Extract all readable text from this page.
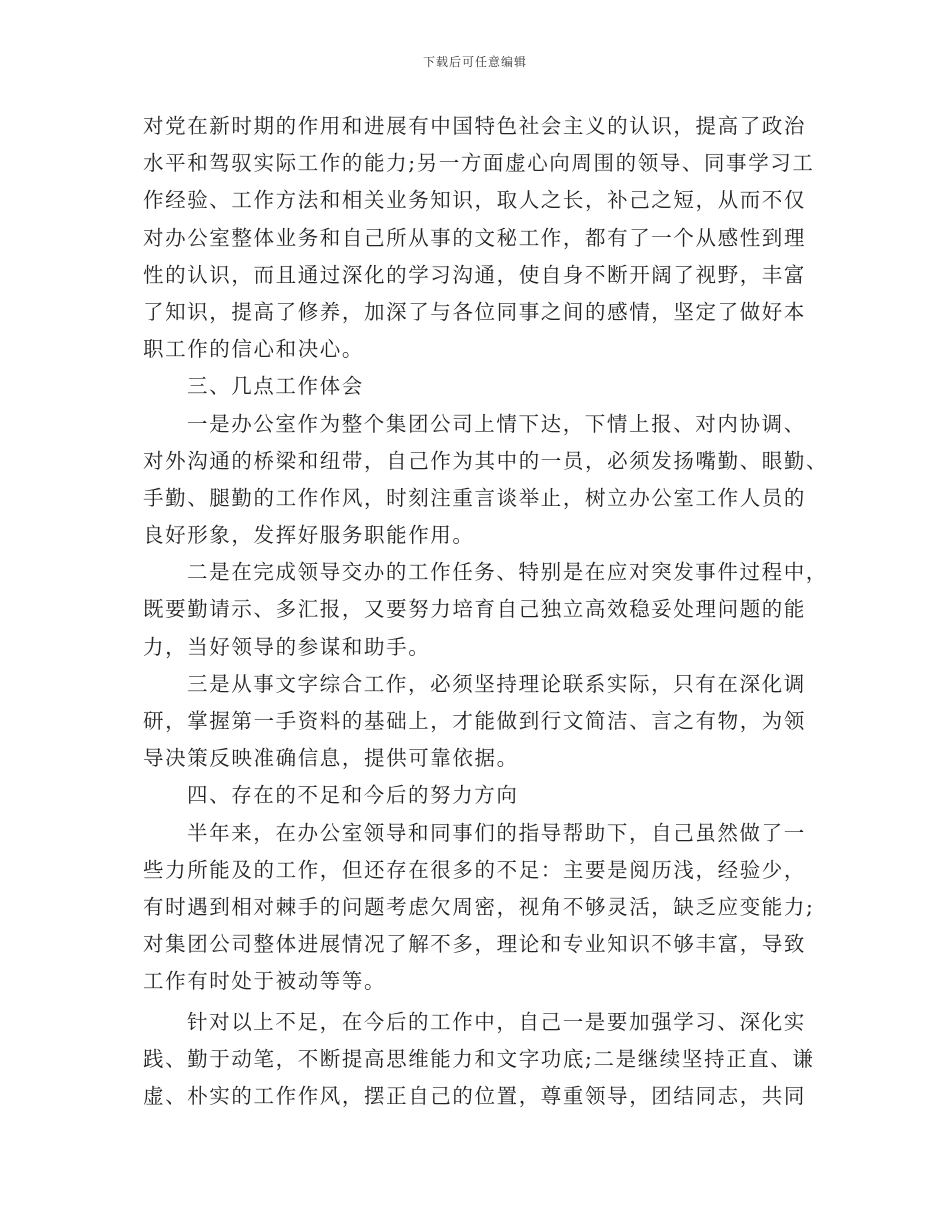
下载后可任意编辑
对党在新时期的作用和进展有中国特色社会主义的认识，提高了政治
水平和驾驭实际工作的能力;另一方面虚心向周围的领导、同事学习工
作经验、工作方法和相关业务知识，取人之长，补己之短，从而不仅
对办公室整体业务和自己所从事的文秘工作，都有了一个从感性到理
性的认识，而且通过深化的学习沟通，使自身不断开阔了视野，丰富
了知识，提高了修养，加深了与各位同事之间的感情，坚定了做好本
职工作的信心和决心。
三、几点工作体会
一是办公室作为整个集团公司上情下达，下情上报、对内协调、
对外沟通的桥梁和纽带，自己作为其中的一员，必须发扬嘴勤、眼勤、
手勤、腿勤的工作作风，时刻注重言谈举止，树立办公室工作人员的
良好形象，发挥好服务职能作用。
二是在完成领导交办的工作任务、特别是在应对突发事件过程中，
既要勤请示、多汇报，又要努力培育自己独立高效稳妥处理问题的能
力，当好领导的参谋和助手。
三是从事文字综合工作，必须坚持理论联系实际，只有在深化调
研，掌握第一手资料的基础上，才能做到行文简洁、言之有物，为领
导决策反映准确信息，提供可靠依据。
四、存在的不足和今后的努力方向
半年来，在办公室领导和同事们的指导帮助下，自己虽然做了一
些力所能及的工作，但还存在很多的不足：主要是阅历浅，经验少，
有时遇到相对棘手的问题考虑欠周密，视角不够灵活，缺乏应变能力;
对集团公司整体进展情况了解不多，理论和专业知识不够丰富，导致
工作有时处于被动等等。
针对以上不足，在今后的工作中，自己一是要加强学习、深化实
践、勤于动笔，不断提高思维能力和文字功底;二是继续坚持正直、谦
虚、朴实的工作作风，摆正自己的位置，尊重领导，团结同志，共同
